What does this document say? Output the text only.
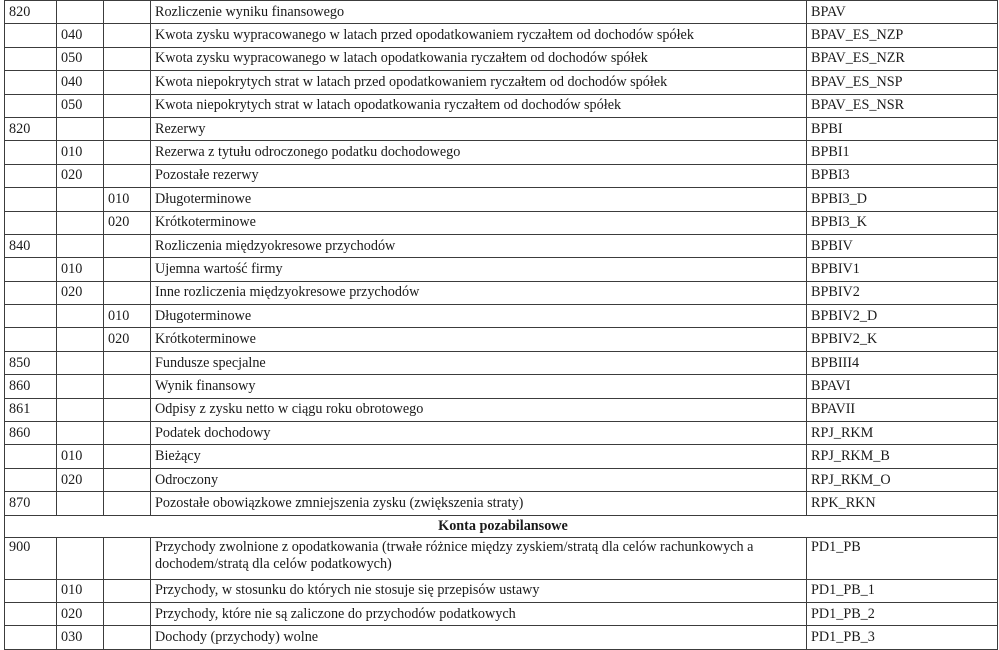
820			Rozliczenie wyniku finansowego	BPAV
	040		Kwota zysku wypracowanego w latach przed opodatkowaniem ryczałtem od dochodów spółek	BPAV_ES_NZP
	050		Kwota zysku wypracowanego w latach opodatkowania ryczałtem od dochodów spółek	BPAV_ES_NZR
	040		Kwota niepokrytych strat w latach przed opodatkowaniem ryczałtem od dochodów spółek	BPAV_ES_NSP
	050		Kwota niepokrytych strat w latach opodatkowania ryczałtem od dochodów spółek	BPAV_ES_NSR
820			Rezerwy	BPBI
	010		Rezerwa z tytułu odroczonego podatku dochodowego	BPBI1
	020		Pozostałe rezerwy	BPBI3
		010	Długoterminowe	BPBI3_D
		020	Krótkoterminowe	BPBI3_K
840			Rozliczenia międzyokresowe przychodów	BPBIV
	010		Ujemna wartość firmy	BPBIV1
	020		Inne rozliczenia międzyokresowe przychodów	BPBIV2
		010	Długoterminowe	BPBIV2_D
		020	Krótkoterminowe	BPBIV2_K
850			Fundusze specjalne	BPBIII4
860			Wynik finansowy	BPAVI
861			Odpisy z zysku netto w ciągu roku obrotowego	BPAVII
860			Podatek dochodowy	RPJ_RKM
	010		Bieżący	RPJ_RKM_B
	020		Odroczony	RPJ_RKM_O
870			Pozostałe obowiązkowe zmniejszenia zysku (zwiększenia straty)	RPK_RKN
Konta pozabilansowe				
900			Przychody zwolnione z opodatkowania (trwałe różnice między zyskiem/stratą dla celów rachunkowych a dochodem/stratą dla celów podatkowych)	PD1_PB
	010		Przychody, w stosunku do których nie stosuje się przepisów ustawy	PD1_PB_1
	020		Przychody, które nie są zaliczone do przychodów podatkowych	PD1_PB_2
	030		Dochody (przychody) wolne	PD1_PB_3
